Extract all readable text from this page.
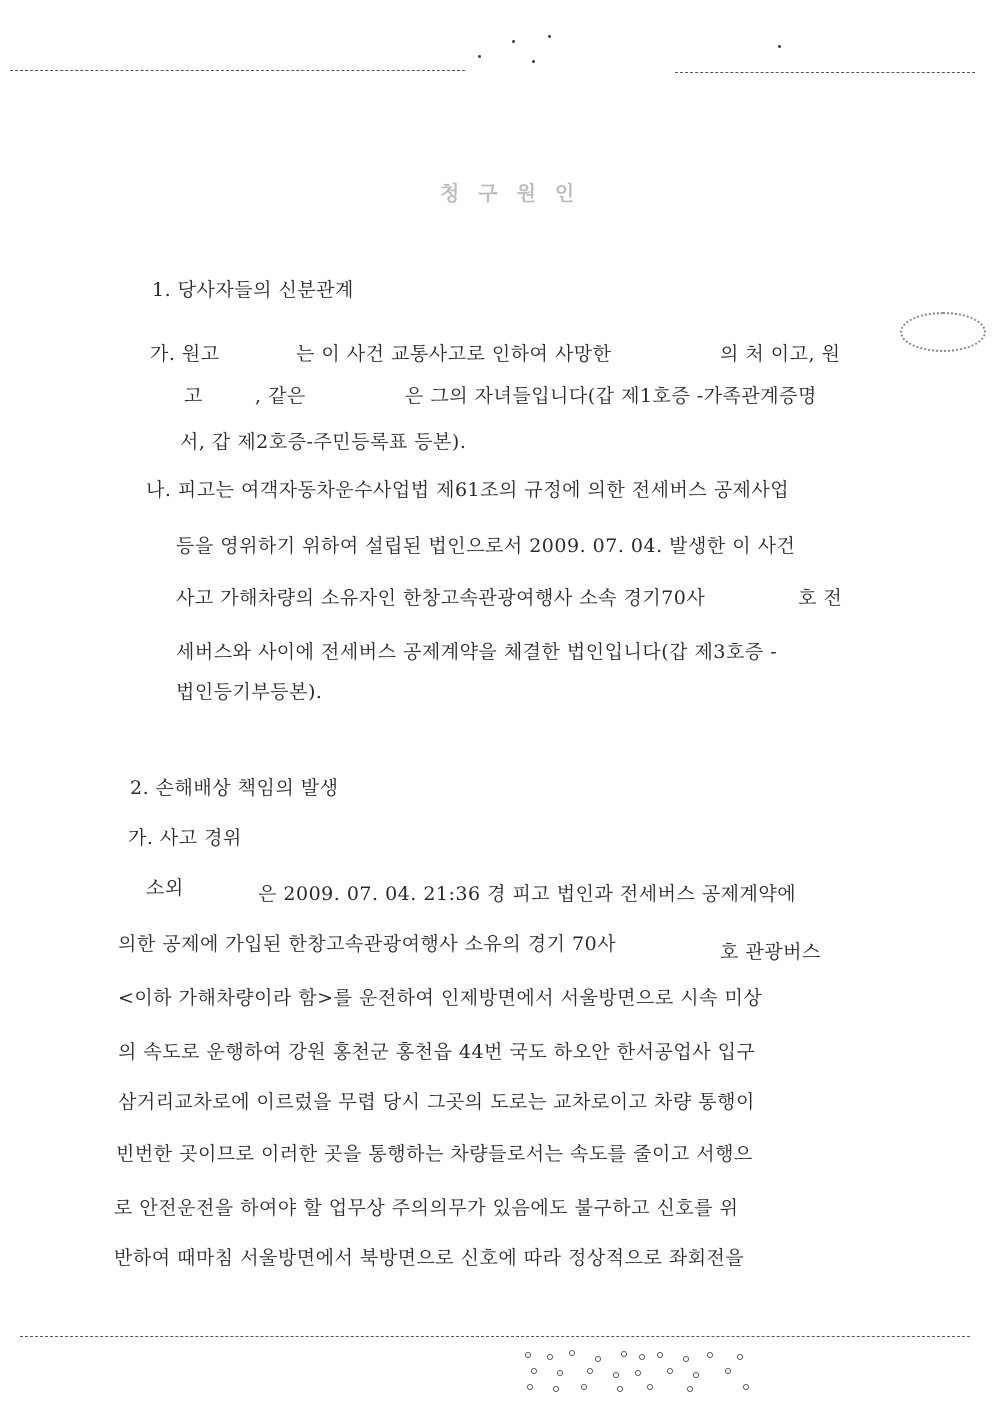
청 구 원 인
1. 당사자들의 신분관계
가. 원고	는 이 사건 교통사고로 인하여 사망한	의 처 이고, 원
고	, 같은	은 그의 자녀들입니다(갑 제1호증 -가족관계증명
서, 갑 제2호증-주민등록표 등본).
나. 피고는 여객자동차운수사업법 제61조의 규정에 의한 전세버스 공제사업
등을 영위하기 위하여 설립된 법인으로서 2009. 07. 04. 발생한 이 사건
사고 가해차량의 소유자인 한창고속관광여행사 소속 경기70사	호 전
세버스와 사이에 전세버스 공제계약을 체결한 법인입니다(갑 제3호증 -
법인등기부등본).
2. 손해배상 책임의 발생
가. 사고 경위
소외	은 2009. 07. 04. 21:36 경 피고 법인과 전세버스 공제계약에
의한 공제에 가입된 한창고속관광여행사 소유의 경기 70사	호 관광버스
<이하 가해차량이라 함>를 운전하여 인제방면에서 서울방면으로 시속 미상
의 속도로 운행하여 강원 홍천군 홍천읍 44번 국도 하오안 한서공업사 입구
삼거리교차로에 이르렀을 무렵 당시 그곳의 도로는 교차로이고 차량 통행이
빈번한 곳이므로 이러한 곳을 통행하는 차량들로서는 속도를 줄이고 서행으
로 안전운전을 하여야 할 업무상 주의의무가 있음에도 불구하고 신호를 위
반하여 때마침 서울방면에서 북방면으로 신호에 따라 정상적으로 좌회전을
